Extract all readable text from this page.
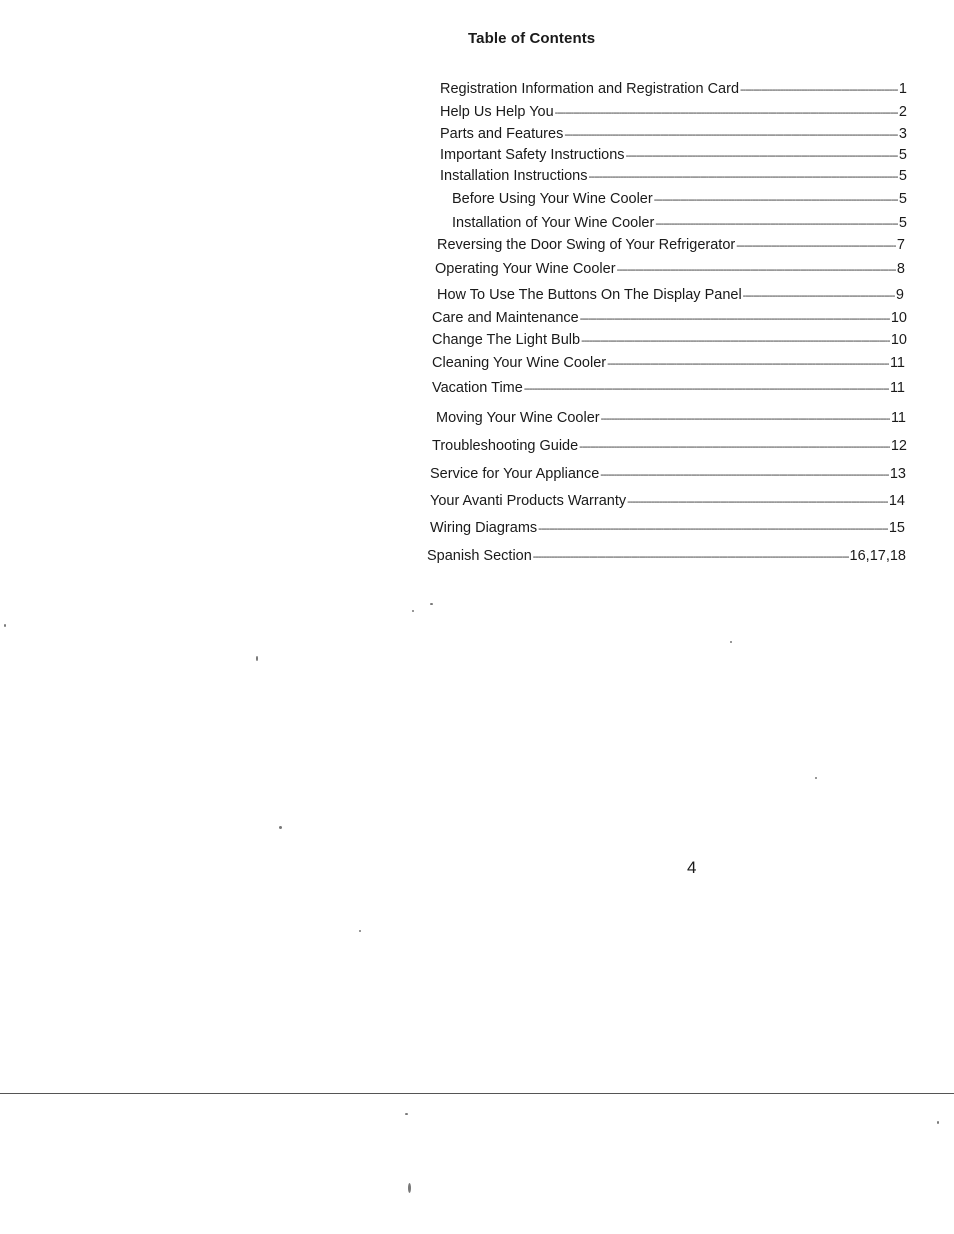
Table of Contents
Registration Information and Registration Card -----	1
Help Us Help You -----	2
Parts and Features -----	3
Important Safety Instructions -----	5
Installation Instructions -----	5
Before Using Your Wine Cooler -----	5
Installation of Your Wine Cooler -----	5
Reversing the Door Swing of Your Refrigerator -----	7
Operating Your Wine Cooler -----	8
How To Use The Buttons On The Display Panel -----	9
Care and Maintenance -----	10
Change The Light Bulb -----	10
Cleaning Your Wine Cooler -----	11
Vacation Time -----	11
Moving Your Wine Cooler -----	11
Troubleshooting Guide -----	12
Service for Your Appliance -----	13
Your Avanti Products Warranty -----	14
Wiring Diagrams -----	15
Spanish Section -----	16,17,18
4
